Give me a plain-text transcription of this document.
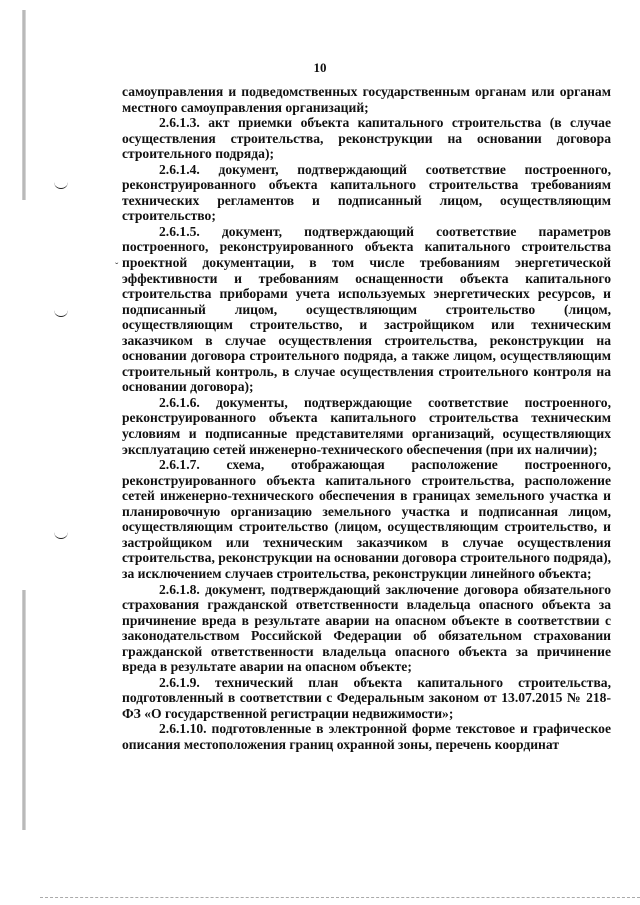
ˇ
10

самоуправления и подведомственных государственным органам или органам местного самоуправления организаций;

2.6.1.3. акт приемки объекта капитального строительства (в случае осуществления строительства, реконструкции на основании договора строительного подряда);

2.6.1.4. документ, подтверждающий соответствие построенного, реконструированного объекта капитального строительства требованиям технических регламентов и подписанный лицом, осуществляющим строительство;

2.6.1.5. документ, подтверждающий соответствие параметров построенного, реконструированного объекта капитального строительства проектной документации, в том числе требованиям энергетической эффективности и требованиям оснащенности объекта капитального строительства приборами учета используемых энергетических ресурсов, и подписанный лицом, осуществляющим строительство (лицом, осуществляющим строительство, и застройщиком или техническим заказчиком в случае осуществления строительства, реконструкции на основании договора строительного подряда, а также лицом, осуществляющим строительный контроль, в случае осуществления строительного контроля на основании договора);

2.6.1.6. документы, подтверждающие соответствие построенного, реконструированного объекта капитального строительства техническим условиям и подписанные представителями организаций, осуществляющих эксплуатацию сетей инженерно-технического обеспечения (при их наличии);

2.6.1.7. схема, отображающая расположение построенного, реконструированного объекта капитального строительства, расположение сетей инженерно-технического обеспечения в границах земельного участка и планировочную организацию земельного участка и подписанная лицом, осуществляющим строительство (лицом, осуществляющим строительство, и застройщиком или техническим заказчиком в случае осуществления строительства, реконструкции на основании договора строительного подряда), за исключением случаев строительства, реконструкции линейного объекта;

2.6.1.8. документ, подтверждающий заключение договора обязательного страхования гражданской ответственности владельца опасного объекта за причинение вреда в результате аварии на опасном объекте в соответствии с законодательством Российской Федерации об обязательном страховании гражданской ответственности владельца опасного объекта за причинение вреда в результате аварии на опасном объекте;

2.6.1.9. технический план объекта капитального строительства, подготовленный в соответствии с Федеральным законом от 13.07.2015 № 218-ФЗ «О государственной регистрации недвижимости»;

2.6.1.10. подготовленные в электронной форме текстовое и графическое описания местоположения границ охранной зоны, перечень координат
